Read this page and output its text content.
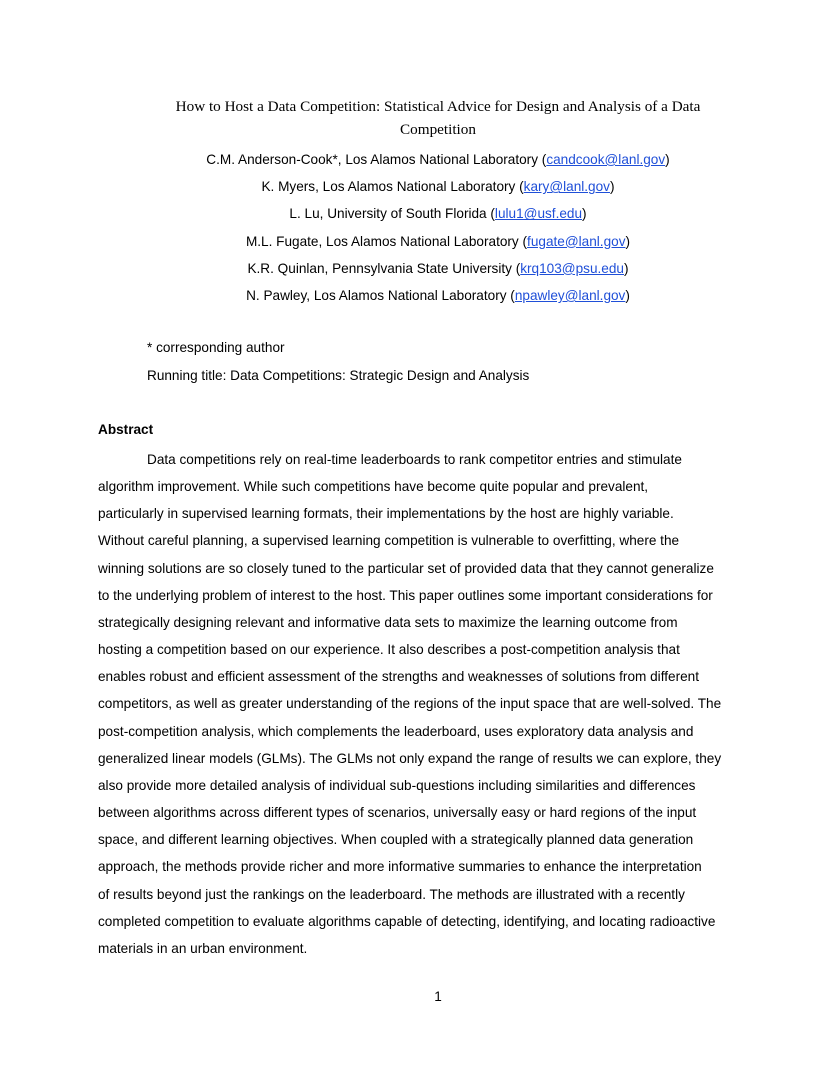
How to Host a Data Competition: Statistical Advice for Design and Analysis of a Data
Competition
C.M. Anderson-Cook*, Los Alamos National Laboratory (candcook@lanl.gov)
K. Myers, Los Alamos National Laboratory (kary@lanl.gov)
L. Lu, University of South Florida (lulu1@usf.edu)
M.L. Fugate, Los Alamos National Laboratory (fugate@lanl.gov)
K.R. Quinlan, Pennsylvania State University (krq103@psu.edu)
N. Pawley, Los Alamos National Laboratory (npawley@lanl.gov)
* corresponding author
Running title: Data Competitions: Strategic Design and Analysis
Abstract
Data competitions rely on real-time leaderboards to rank competitor entries and stimulate
algorithm improvement. While such competitions have become quite popular and prevalent,
particularly in supervised learning formats, their implementations by the host are highly variable.
Without careful planning, a supervised learning competition is vulnerable to overfitting, where the
winning solutions are so closely tuned to the particular set of provided data that they cannot generalize
to the underlying problem of interest to the host. This paper outlines some important considerations for
strategically designing relevant and informative data sets to maximize the learning outcome from
hosting a competition based on our experience. It also describes a post-competition analysis that
enables robust and efficient assessment of the strengths and weaknesses of solutions from different
competitors, as well as greater understanding of the regions of the input space that are well-solved. The
post-competition analysis, which complements the leaderboard, uses exploratory data analysis and
generalized linear models (GLMs). The GLMs not only expand the range of results we can explore, they
also provide more detailed analysis of individual sub-questions including similarities and differences
between algorithms across different types of scenarios, universally easy or hard regions of the input
space, and different learning objectives. When coupled with a strategically planned data generation
approach, the methods provide richer and more informative summaries to enhance the interpretation
of results beyond just the rankings on the leaderboard. The methods are illustrated with a recently
completed competition to evaluate algorithms capable of detecting, identifying, and locating radioactive
materials in an urban environment.
1
